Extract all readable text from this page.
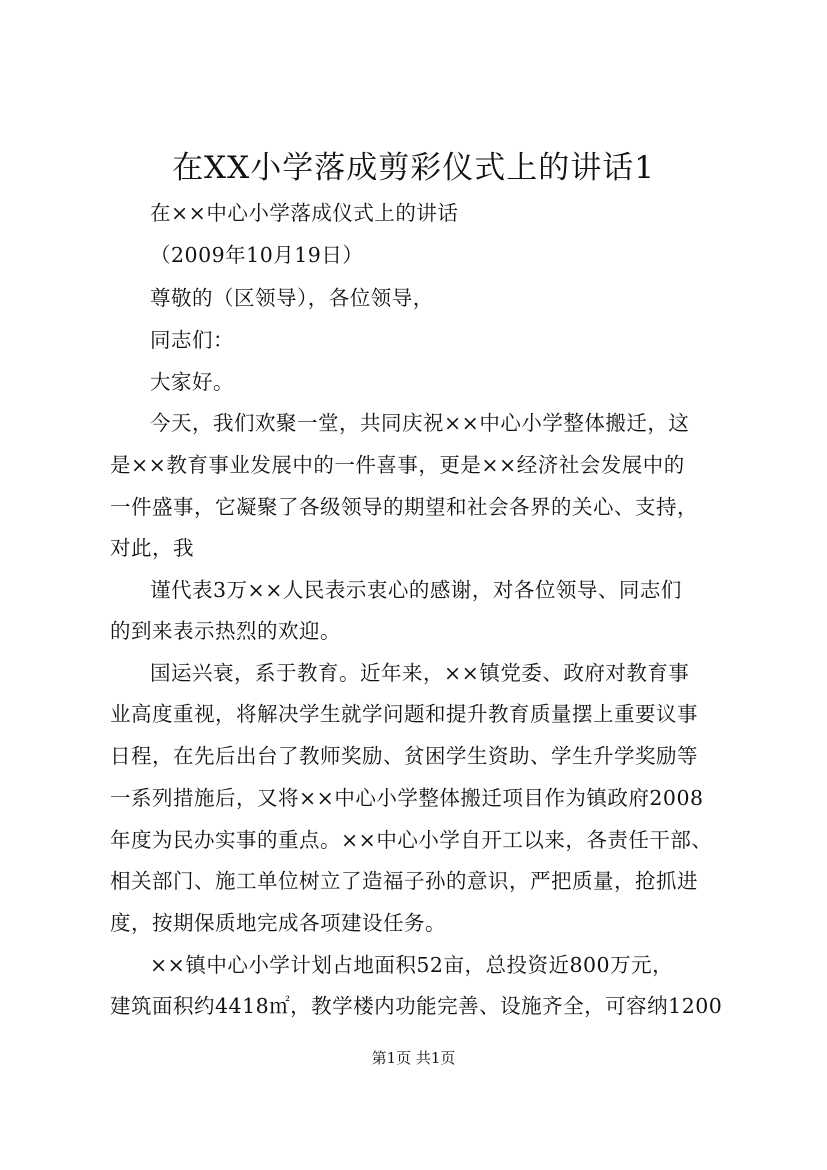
在XX小学落成剪彩仪式上的讲话1
在××中心小学落成仪式上的讲话
（2009年10月19日）
尊敬的（区领导），各位领导，
同志们：
大家好。
今天，我们欢聚一堂，共同庆祝××中心小学整体搬迁，这
是××教育事业发展中的一件喜事，更是××经济社会发展中的
一件盛事，它凝聚了各级领导的期望和社会各界的关心、支持，
对此，我
谨代表3万××人民表示衷心的感谢，对各位领导、同志们
的到来表示热烈的欢迎。
国运兴衰，系于教育。近年来，××镇党委、政府对教育事
业高度重视，将解决学生就学问题和提升教育质量摆上重要议事
日程，在先后出台了教师奖励、贫困学生资助、学生升学奖励等
一系列措施后，又将××中心小学整体搬迁项目作为镇政府2008
年度为民办实事的重点。××中心小学自开工以来，各责任干部、
相关部门、施工单位树立了造福子孙的意识，严把质量，抢抓进
度，按期保质地完成各项建设任务。
××镇中心小学计划占地面积52亩，总投资近800万元，
建筑面积约4418㎡，教学楼内功能完善、设施齐全，可容纳1200
第1页 共1页
